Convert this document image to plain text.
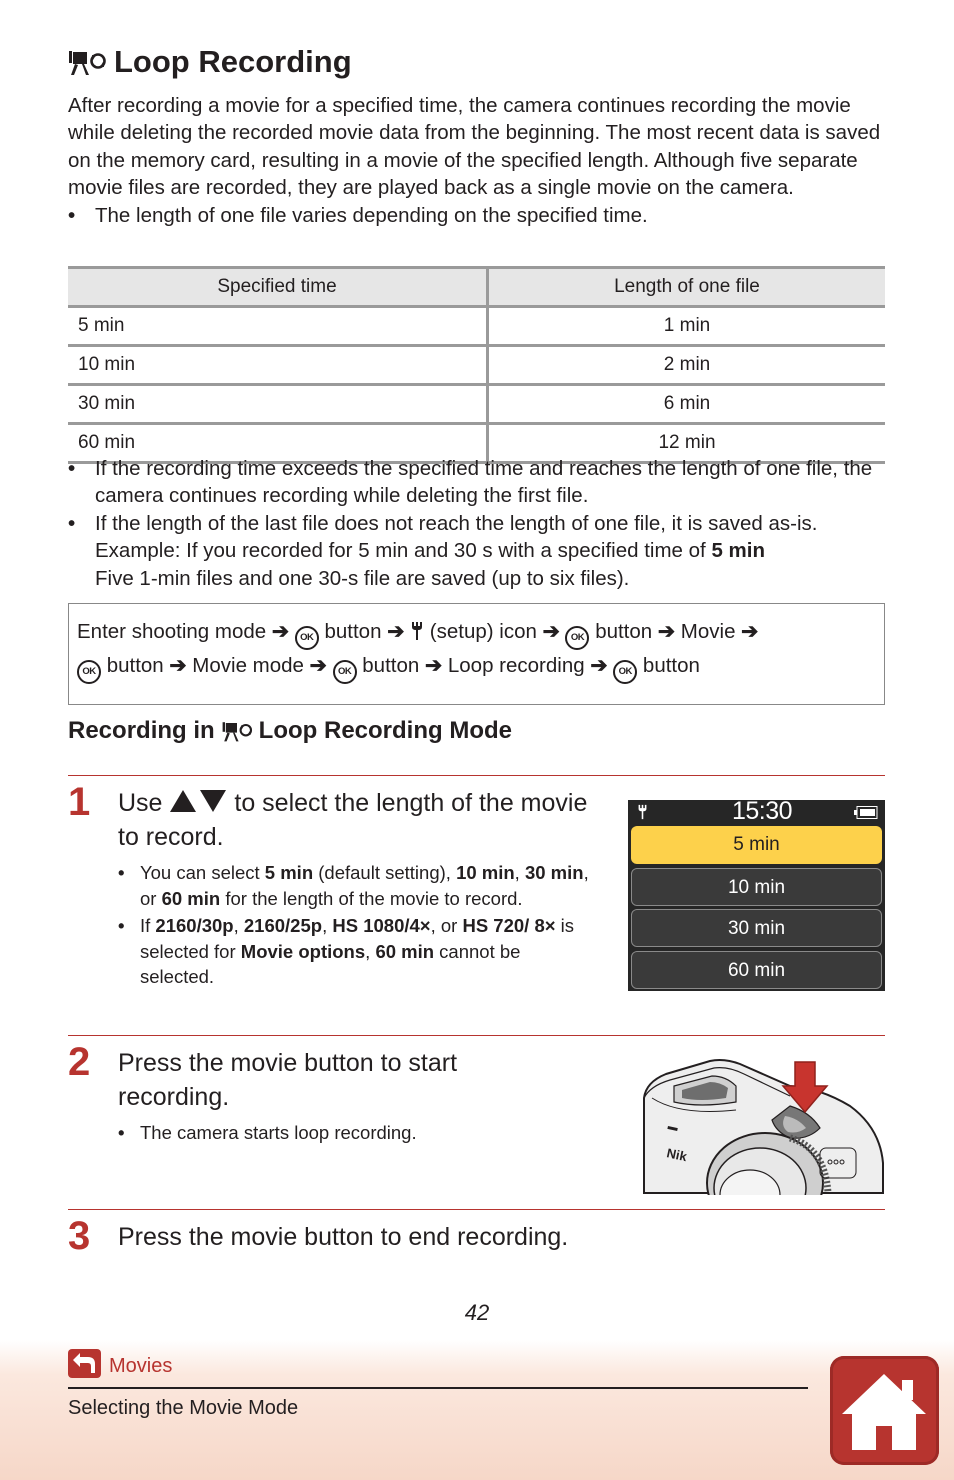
Loop Recording

After recording a movie for a specified time, the camera continues recording the movie while deleting the recorded movie data from the beginning. The most recent data is saved on the memory card, resulting in a movie of the specified length. Although five separate movie files are recorded, they are played back as a single movie on the camera.

• The length of one file varies depending on the specified time.
Specified time	Length of one file
5 min	1 min
10 min	2 min
30 min	6 min
60 min	12 min
• If the recording time exceeds the specified time and reaches the length of one file, the camera continues recording while deleting the first file.
• If the length of the last file does not reach the length of one file, it is saved as-is.
Example: If you recorded for 5 min and 30 s with a specified time of 5 min
Five 1-min files and one 30-s file are saved (up to six files).
Enter shooting mode ➔ OK button ➔ (setup) icon ➔ OK button ➔ Movie ➔
OK button ➔ Movie mode ➔ OK button ➔ Loop recording ➔ OK button
Recording in Loop Recording Mode
1 Use	to select the length of the movie to record.
• You can select 5 min (default setting), 10 min, 30 min, or 60 min for the length of the movie to record.
• If 2160/30p, 2160/25p, HS 1080/4×, or HS 720/ 8× is selected for Movie options, 60 min cannot be selected.
15:30
5 min
10 min
30 min
60 min
2 Press the movie button to start recording.
• The camera starts loop recording.
Nik
3 Press the movie button to end recording.
42
Movies
Selecting the Movie Mode
